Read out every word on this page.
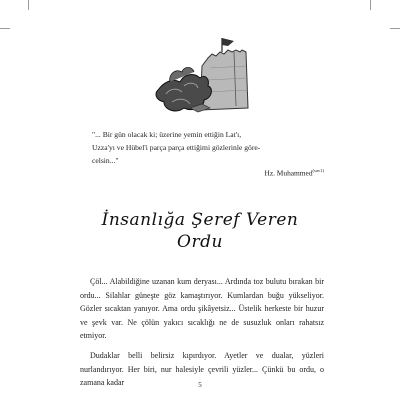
"... Bir gün olacak ki; üzerine yemin ettiğin Lat'ı,

Uzza'yı ve Hübel'i parça parça ettiğimi gözlerinle göre-

celsin..."

Hz. Muhammed$^{(sav1)}$
İnsanlığa Şeref Veren
Ordu

Çöl... Alabildiğine uzanan kum deryası... Ardında toz bulutu bırakan bir ordu... Silahlar güneşte göz kamaştırıyor. Kumlardan buğu yükseliyor. Gözler sıcaktan yanıyor. Ama ordu şikâyetsiz... Üstelik herkeste bir huzur ve şevk var. Ne çölün yakıcı sıcaklığı ne de susuzluk onları rahatsız etmiyor.

Dudaklar belli belirsiz kıpırdıyor. Ayetler ve dualar, yüzleri nurlandırıyor. Her biri, nur halesiyle çevrili yüzler... Çünkü bu ordu, o zamana kadar	5
